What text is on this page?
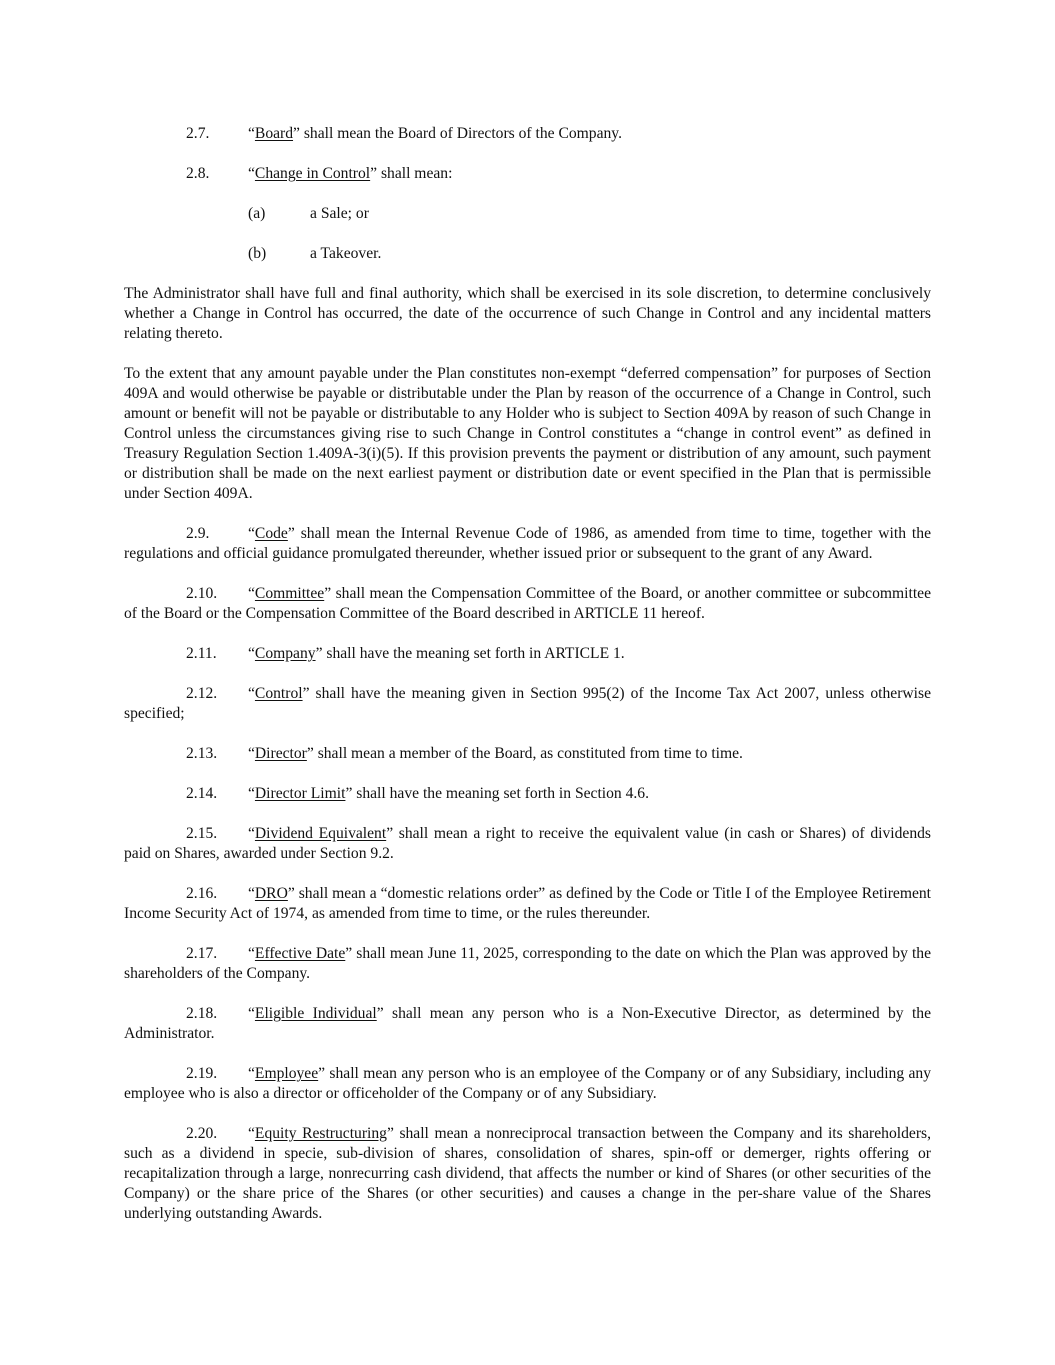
2.7. “Board” shall mean the Board of Directors of the Company.

2.8. “Change in Control” shall mean:

(a)	a Sale; or

(b)	a Takeover.

The Administrator shall have full and final authority, which shall be exercised in its sole discretion, to determine conclusively whether a Change in Control has occurred, the date of the occurrence of such Change in Control and any incidental matters relating thereto.

To the extent that any amount payable under the Plan constitutes non-exempt “deferred compensation” for purposes of Section 409A and would otherwise be payable or distributable under the Plan by reason of the occurrence of a Change in Control, such amount or benefit will not be payable or distributable to any Holder who is subject to Section 409A by reason of such Change in Control unless the circumstances giving rise to such Change in Control constitutes a “change in control event” as defined in Treasury Regulation Section 1.409A-3(i)(5). If this provision prevents the payment or distribution of any amount, such payment or distribution shall be made on the next earliest payment or distribution date or event specified in the Plan that is permissible under Section 409A.

2.9. “Code” shall mean the Internal Revenue Code of 1986, as amended from time to time, together with the regulations and official guidance promulgated thereunder, whether issued prior or subsequent to the grant of any Award.

2.10. “Committee” shall mean the Compensation Committee of the Board, or another committee or subcommittee of the Board or the Compensation Committee of the Board described in ARTICLE 11 hereof.

2.11. “Company” shall have the meaning set forth in ARTICLE 1.

2.12. “Control” shall have the meaning given in Section 995(2) of the Income Tax Act 2007, unless otherwise specified;

2.13. “Director” shall mean a member of the Board, as constituted from time to time.

2.14. “Director Limit” shall have the meaning set forth in Section 4.6.

2.15. “Dividend Equivalent” shall mean a right to receive the equivalent value (in cash or Shares) of dividends paid on Shares, awarded under Section 9.2.

2.16. “DRO” shall mean a “domestic relations order” as defined by the Code or Title I of the Employee Retirement Income Security Act of 1974, as amended from time to time, or the rules thereunder.

2.17. “Effective Date” shall mean June 11, 2025, corresponding to the date on which the Plan was approved by the shareholders of the Company.

2.18. “Eligible Individual” shall mean any person who is a Non-Executive Director, as determined by the Administrator.

2.19. “Employee” shall mean any person who is an employee of the Company or of any Subsidiary, including any employee who is also a director or officeholder of the Company or of any Subsidiary.

2.20. “Equity Restructuring” shall mean a nonreciprocal transaction between the Company and its shareholders, such as a dividend in specie, sub-division of shares, consolidation of shares, spin-off or demerger, rights offering or recapitalization through a large, nonrecurring cash dividend, that affects the number or kind of Shares (or other securities of the Company) or the share price of the Shares (or other securities) and causes a change in the per-share value of the Shares underlying outstanding Awards.
